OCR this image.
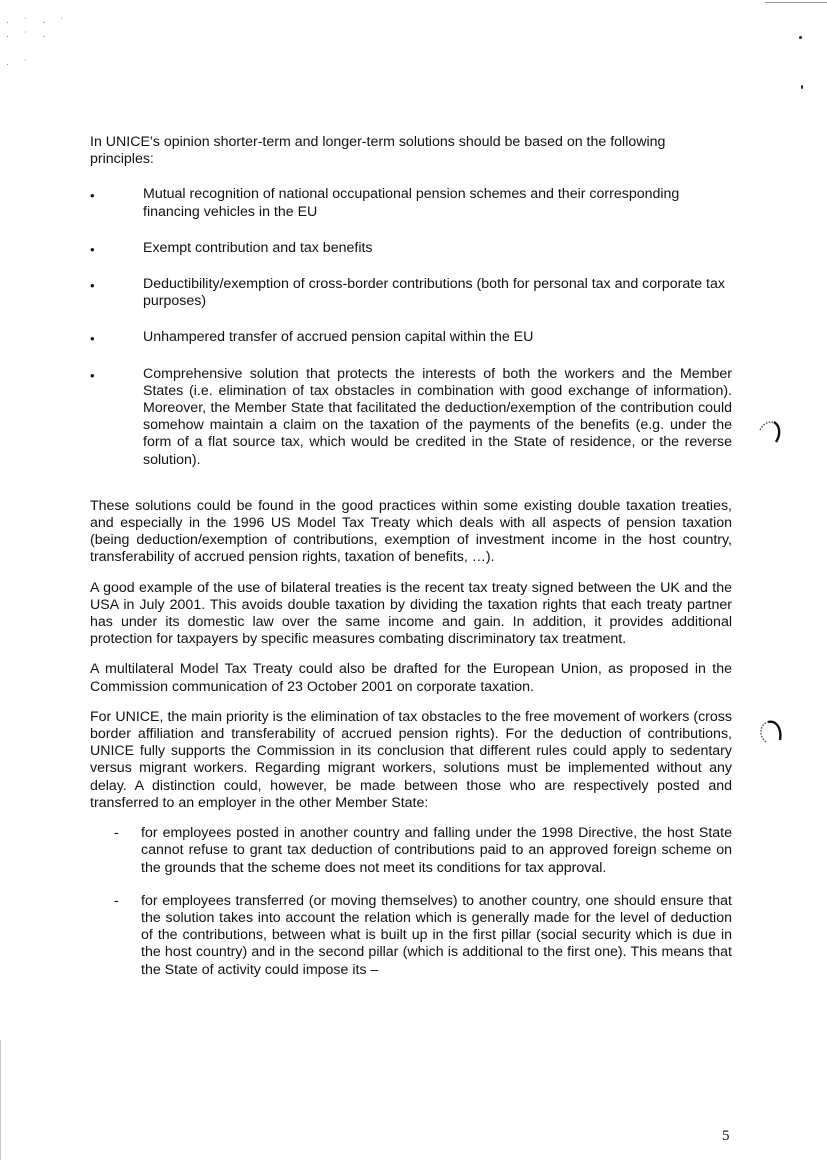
· ˙ · ˙
· ˙ ·

· ˙

In UNICE’s opinion shorter-term and longer-term solutions should be based on the following principles:

•	Mutual recognition of national occupational pension schemes and their corresponding financing vehicles in the EU
•	Exempt contribution and tax benefits
•	Deductibility/exemption of cross-border contributions (both for personal tax and corporate tax purposes)
•	Unhampered transfer of accrued pension capital within the EU
•	Comprehensive solution that protects the interests of both the workers and the Member States (i.e. elimination of tax obstacles in combination with good exchange of information). Moreover, the Member State that facilitated the deduction/exemption of the contribution could somehow maintain a claim on the taxation of the payments of the benefits (e.g. under the form of a flat source tax, which would be credited in the State of residence, or the reverse solution).

These solutions could be found in the good practices within some existing double taxation treaties, and especially in the 1996 US Model Tax Treaty which deals with all aspects of pension taxation (being deduction/exemption of contributions, exemption of investment income in the host country, transferability of accrued pension rights, taxation of benefits, …).

A good example of the use of bilateral treaties is the recent tax treaty signed between the UK and the USA in July 2001. This avoids double taxation by dividing the taxation rights that each treaty partner has under its domestic law over the same income and gain. In addition, it provides additional protection for taxpayers by specific measures combating discriminatory tax treatment.

A multilateral Model Tax Treaty could also be drafted for the European Union, as proposed in the Commission communication of 23 October 2001 on corporate taxation.

For UNICE, the main priority is the elimination of tax obstacles to the free movement of workers (cross border affiliation and transferability of accrued pension rights). For the deduction of contributions, UNICE fully supports the Commission in its conclusion that different rules could apply to sedentary versus migrant workers. Regarding migrant workers, solutions must be implemented without any delay. A distinction could, however, be made between those who are respectively posted and transferred to an employer in the other Member State:

- for employees posted in another country and falling under the 1998 Directive, the host State cannot refuse to grant tax deduction of contributions paid to an approved foreign scheme on the grounds that the scheme does not meet its conditions for tax approval.
- for employees transferred (or moving themselves) to another country, one should ensure that the solution takes into account the relation which is generally made for the level of deduction of the contributions, between what is built up in the first pillar (social security which is due in the host country) and in the second pillar (which is additional to the first one). This means that the State of activity could impose its –
5
